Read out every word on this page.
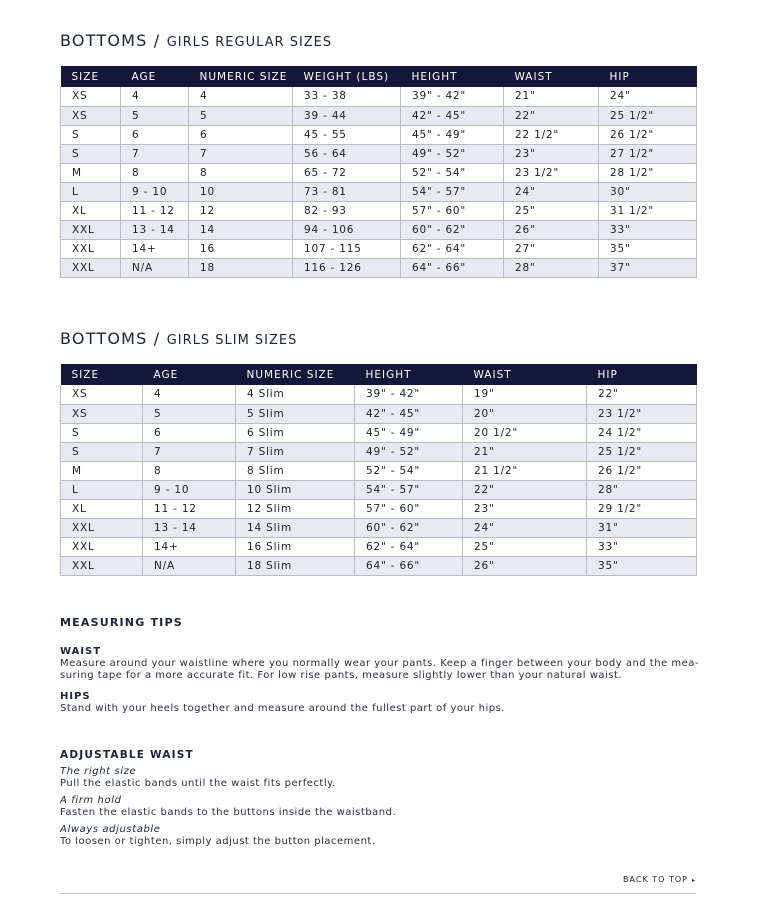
BOTTOMS / GIRLS REGULAR SIZES
SIZE	AGE	NUMERIC SIZE	WEIGHT (LBS)	HEIGHT	WAIST	HIP
XS	4	4	33 - 38	39" - 42"	21"	24"
XS	5	5	39 - 44	42" - 45"	22"	25 1/2"
S	6	6	45 - 55	45" - 49"	22 1/2"	26 1/2"
S	7	7	56 - 64	49" - 52"	23"	27 1/2"
M	8	8	65 - 72	52" - 54"	23 1/2"	28 1/2"
L	9 - 10	10	73 - 81	54" - 57"	24"	30"
XL	11 - 12	12	82 - 93	57" - 60"	25"	31 1/2"
XXL	13 - 14	14	94 - 106	60" - 62"	26"	33"
XXL	14+	16	107 - 115	62" - 64"	27"	35"
XXL	N/A	18	116 - 126	64" - 66"	28"	37"
BOTTOMS / GIRLS SLIM SIZES
SIZE	AGE	NUMERIC SIZE	HEIGHT	WAIST	HIP
XS	4	4 Slim	39" - 42"	19"	22"
XS	5	5 Slim	42" - 45"	20"	23 1/2"
S	6	6 Slim	45" - 49"	20 1/2"	24 1/2"
S	7	7 Slim	49" - 52"	21"	25 1/2"
M	8	8 Slim	52" - 54"	21 1/2"	26 1/2"
L	9 - 10	10 Slim	54" - 57"	22"	28"
XL	11 - 12	12 Slim	57" - 60"	23"	29 1/2"
XXL	13 - 14	14 Slim	60" - 62"	24"	31"
XXL	14+	16 Slim	62" - 64"	25"	33"
XXL	N/A	18 Slim	64" - 66"	26"	35"
MEASURING TIPS
WAIST
Measure around your waistline where you normally wear your pants. Keep a finger between your body and the mea-suring tape for a more accurate fit. For low rise pants, measure slightly lower than your natural waist.
HIPS
Stand with your heels together and measure around the fullest part of your hips.
ADJUSTABLE WAIST
The right size
Pull the elastic bands until the waist fits perfectly.
A firm hold
Fasten the elastic bands to the buttons inside the waistband.
Always adjustable
To loosen or tighten, simply adjust the button placement.
BACK TO TOP ▸
